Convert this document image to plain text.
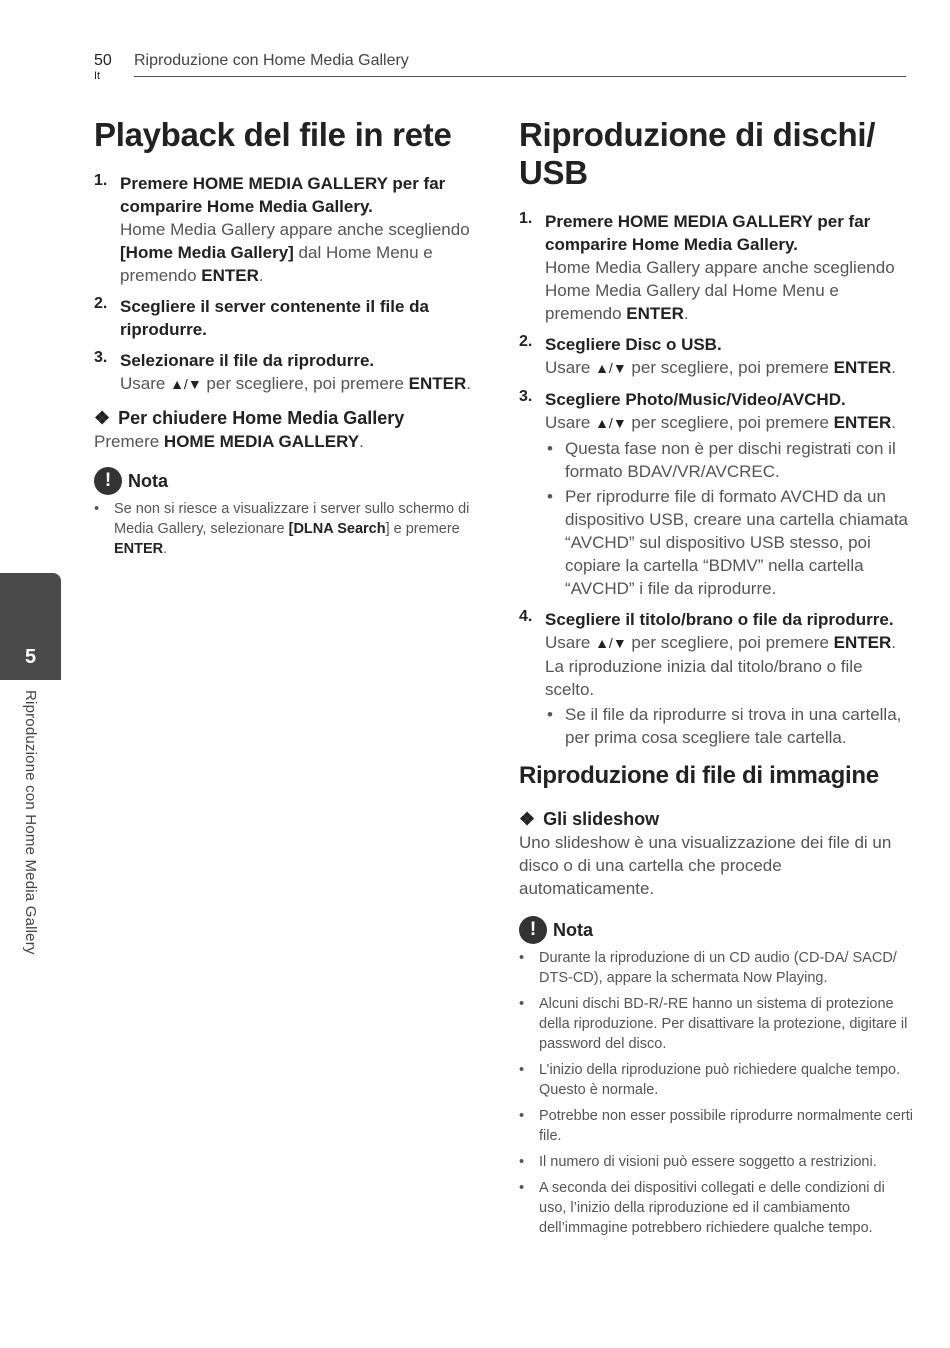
50
It
Riproduzione con Home Media Gallery
5
Riproduzione con Home Media Gallery
Playback del file in rete
1. Premere HOME MEDIA GALLERY per far comparire Home Media Gallery.
Home Media Gallery appare anche scegliendo [Home Media Gallery] dal Home Menu e premendo ENTER.
2. Scegliere il server contenente il file da riprodurre.
3. Selezionare il file da riprodurre.
Usare ▲/▼ per scegliere, poi premere ENTER.
❖ Per chiudere Home Media Gallery
Premere HOME MEDIA GALLERY.
! Nota
• Se non si riesce a visualizzare i server sullo schermo di Media Gallery, selezionare [DLNA Search] e premere ENTER.
Riproduzione di dischi/
USB
1. Premere HOME MEDIA GALLERY per far comparire Home Media Gallery.
Home Media Gallery appare anche scegliendo Home Media Gallery dal Home Menu e premendo ENTER.
2. Scegliere Disc o USB.
Usare ▲/▼ per scegliere, poi premere ENTER.
3. Scegliere Photo/Music/Video/AVCHD.
Usare ▲/▼ per scegliere, poi premere ENTER.
• Questa fase non è per dischi registrati con il formato BDAV/VR/AVCREC.
• Per riprodurre file di formato AVCHD da un dispositivo USB, creare una cartella chiamata “AVCHD” sul dispositivo USB stesso, poi copiare la cartella “BDMV” nella cartella “AVCHD” i file da riprodurre.
4. Scegliere il titolo/brano o file da riprodurre.
Usare ▲/▼ per scegliere, poi premere ENTER.
La riproduzione inizia dal titolo/brano o file scelto.
• Se il file da riprodurre si trova in una cartella, per prima cosa scegliere tale cartella.
Riproduzione di file di immagine
❖ Gli slideshow
Uno slideshow è una visualizzazione dei file di un disco o di una cartella che procede automaticamente.
! Nota
• Durante la riproduzione di un CD audio (CD-DA/ SACD/ DTS-CD), appare la schermata Now Playing.
• Alcuni dischi BD-R/-RE hanno un sistema di protezione della riproduzione. Per disattivare la protezione, digitare il password del disco.
• L’inizio della riproduzione può richiedere qualche tempo. Questo è normale.
• Potrebbe non esser possibile riprodurre normalmente certi file.
• Il numero di visioni può essere soggetto a restrizioni.
• A seconda dei dispositivi collegati e delle condizioni di uso, l’inizio della riproduzione ed il cambiamento dell’immagine potrebbero richiedere qualche tempo.
